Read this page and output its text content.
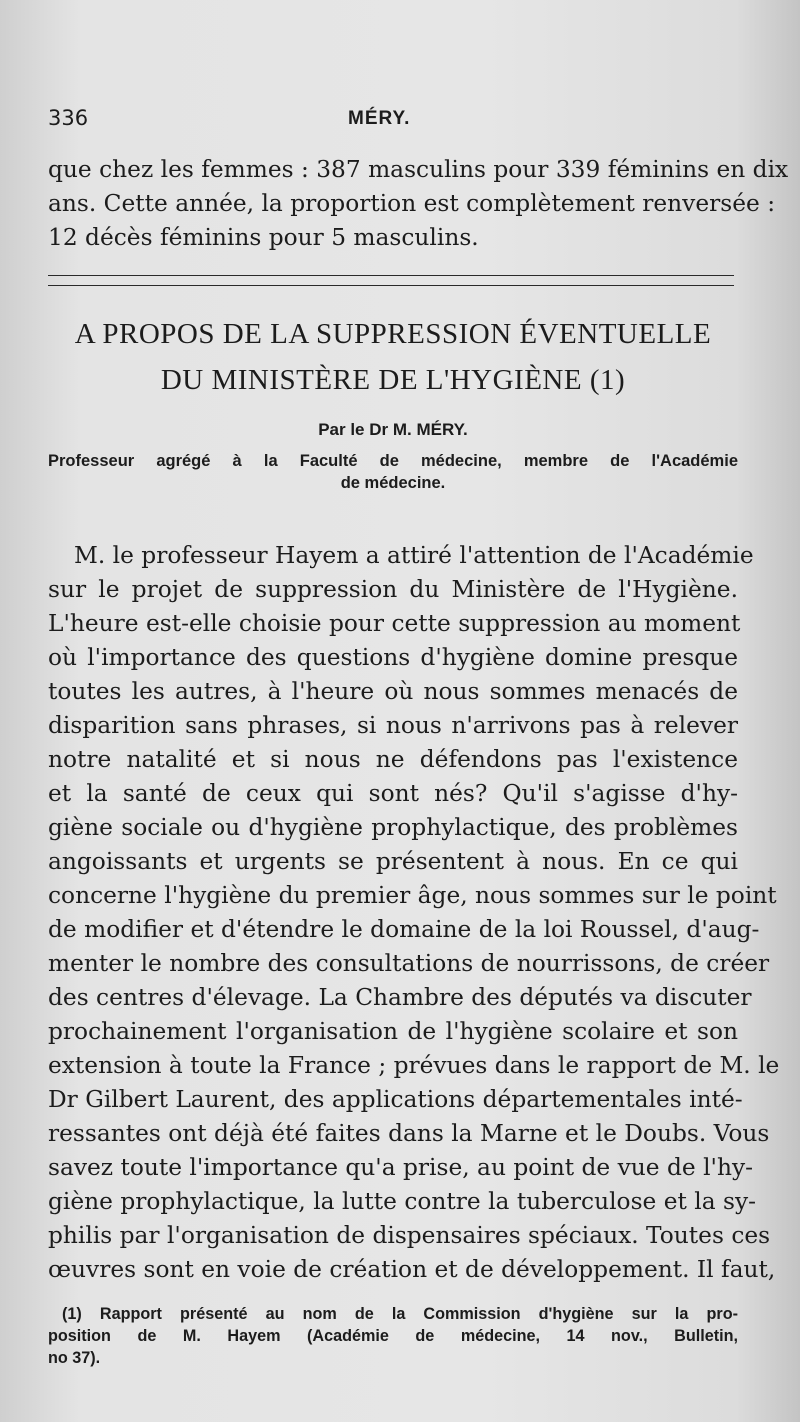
336	MÉRY.
que chez les femmes : 387 masculins pour 339 féminins en dix
ans. Cette année, la proportion est complètement renversée :
12 décès féminins pour 5 masculins.
A PROPOS DE LA SUPPRESSION ÉVENTUELLE
DU MINISTÈRE DE L'HYGIÈNE (1)
Par le Dr M. MÉRY.
Professeur agrégé à la Faculté de médecine, membre de l'Académie
de médecine.
M. le professeur Hayem a attiré l'attention de l'Académie
sur le projet de suppression du Ministère de l'Hygiène.
L'heure est-elle choisie pour cette suppression au moment
où l'importance des questions d'hygiène domine presque
toutes les autres, à l'heure où nous sommes menacés de
disparition sans phrases, si nous n'arrivons pas à relever
notre natalité et si nous ne défendons pas l'existence
et la santé de ceux qui sont nés? Qu'il s'agisse d'hy-
giène sociale ou d'hygiène prophylactique, des problèmes
angoissants et urgents se présentent à nous. En ce qui
concerne l'hygiène du premier âge, nous sommes sur le point
de modifier et d'étendre le domaine de la loi Roussel, d'aug-
menter le nombre des consultations de nourrissons, de créer
des centres d'élevage. La Chambre des députés va discuter
prochainement l'organisation de l'hygiène scolaire et son
extension à toute la France ; prévues dans le rapport de M. le
Dr Gilbert Laurent, des applications départementales inté-
ressantes ont déjà été faites dans la Marne et le Doubs. Vous
savez toute l'importance qu'a prise, au point de vue de l'hy-
giène prophylactique, la lutte contre la tuberculose et la sy-
philis par l'organisation de dispensaires spéciaux. Toutes ces
œuvres sont en voie de création et de développement. Il faut,
(1) Rapport présenté au nom de la Commission d'hygiène sur la pro-
position de M. Hayem (Académie de médecine, 14 nov., Bulletin,
no 37).
